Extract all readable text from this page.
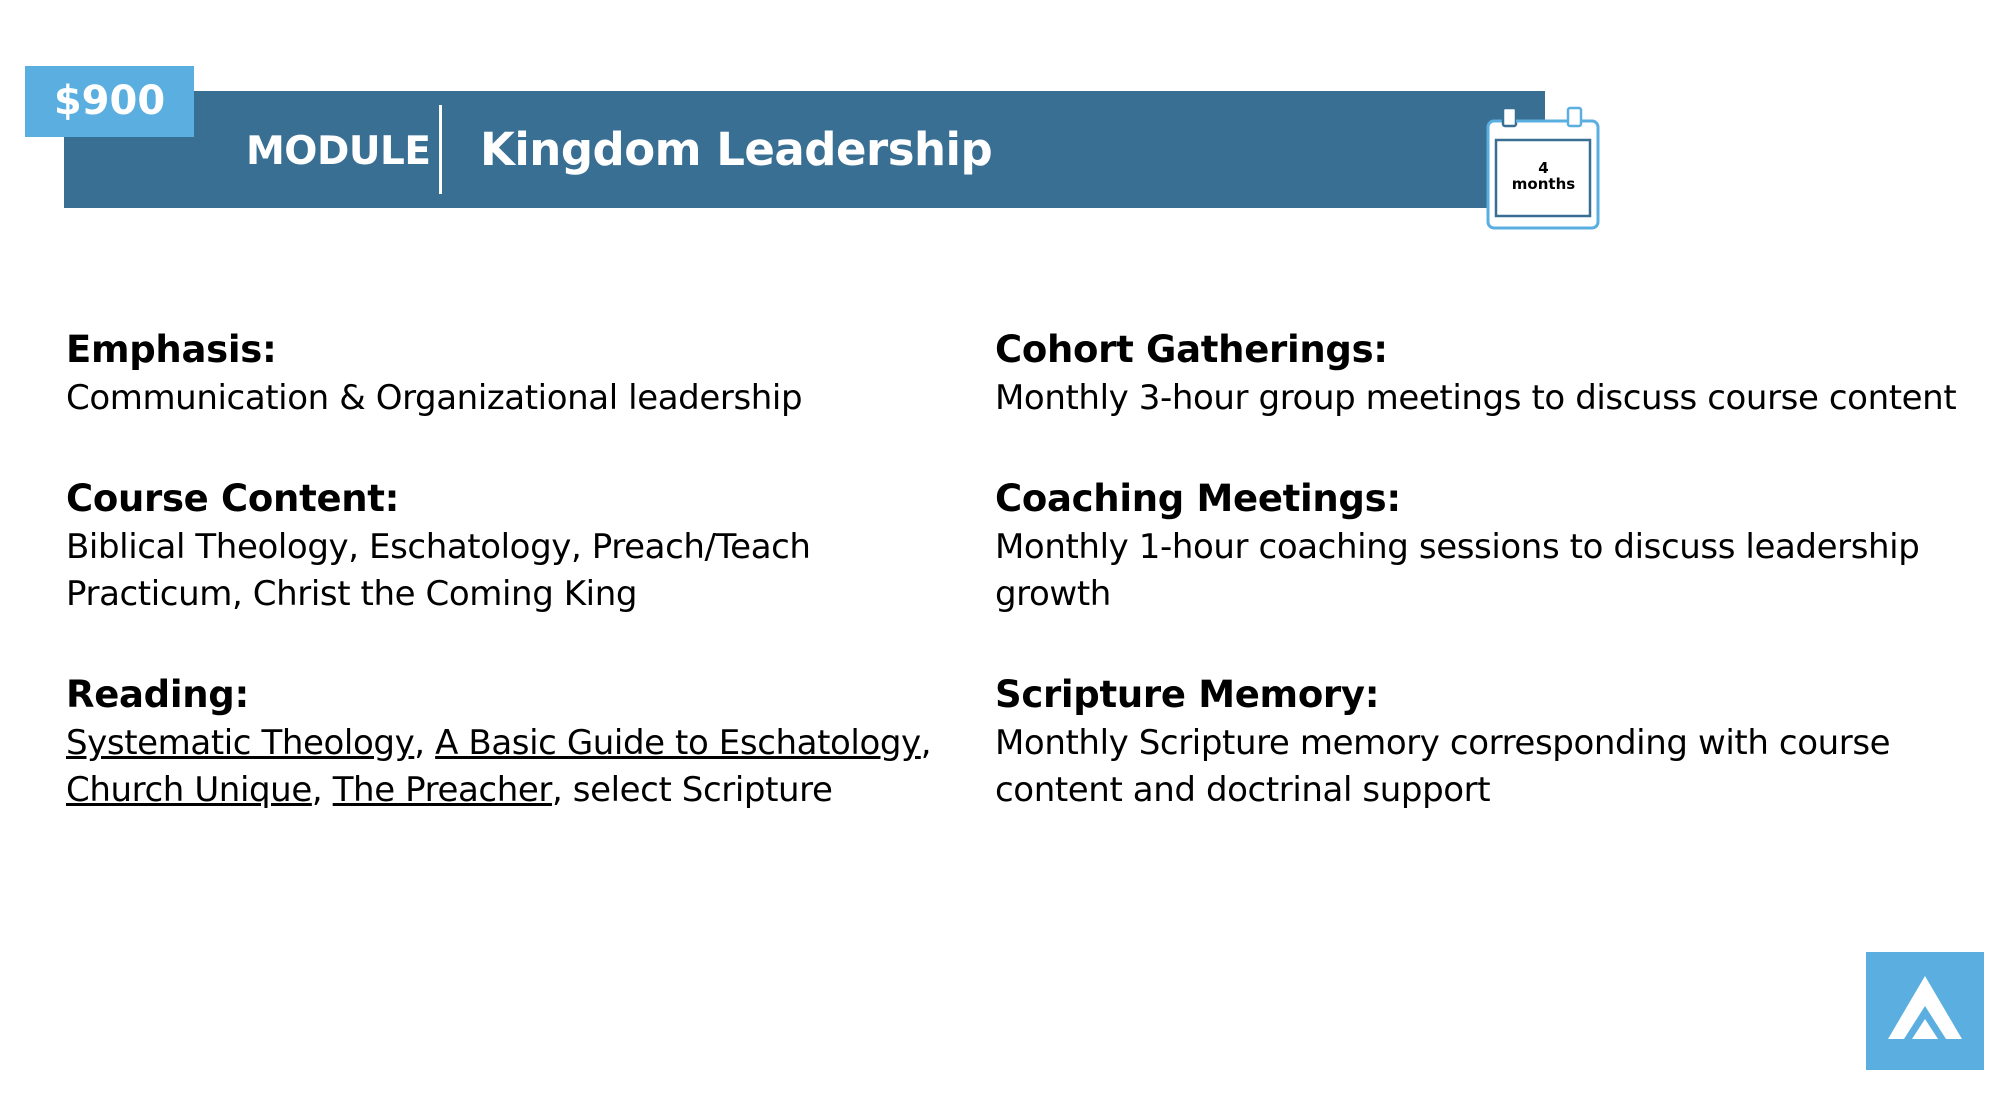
$900
MODULE Kingdom Leadership	4
months
Emphasis:

Communication & Organizational leadership

Course Content:

Biblical Theology, Eschatology, Preach/Teach

Practicum, Christ the Coming King

Reading:

Systematic Theology, A Basic Guide to Eschatology,

Church Unique, The Preacher, select Scripture

Cohort Gatherings:

Monthly 3-hour group meetings to discuss course content

Coaching Meetings:

Monthly 1-hour coaching sessions to discuss leadership

growth

Scripture Memory:

Monthly Scripture memory corresponding with course

content and doctrinal support
